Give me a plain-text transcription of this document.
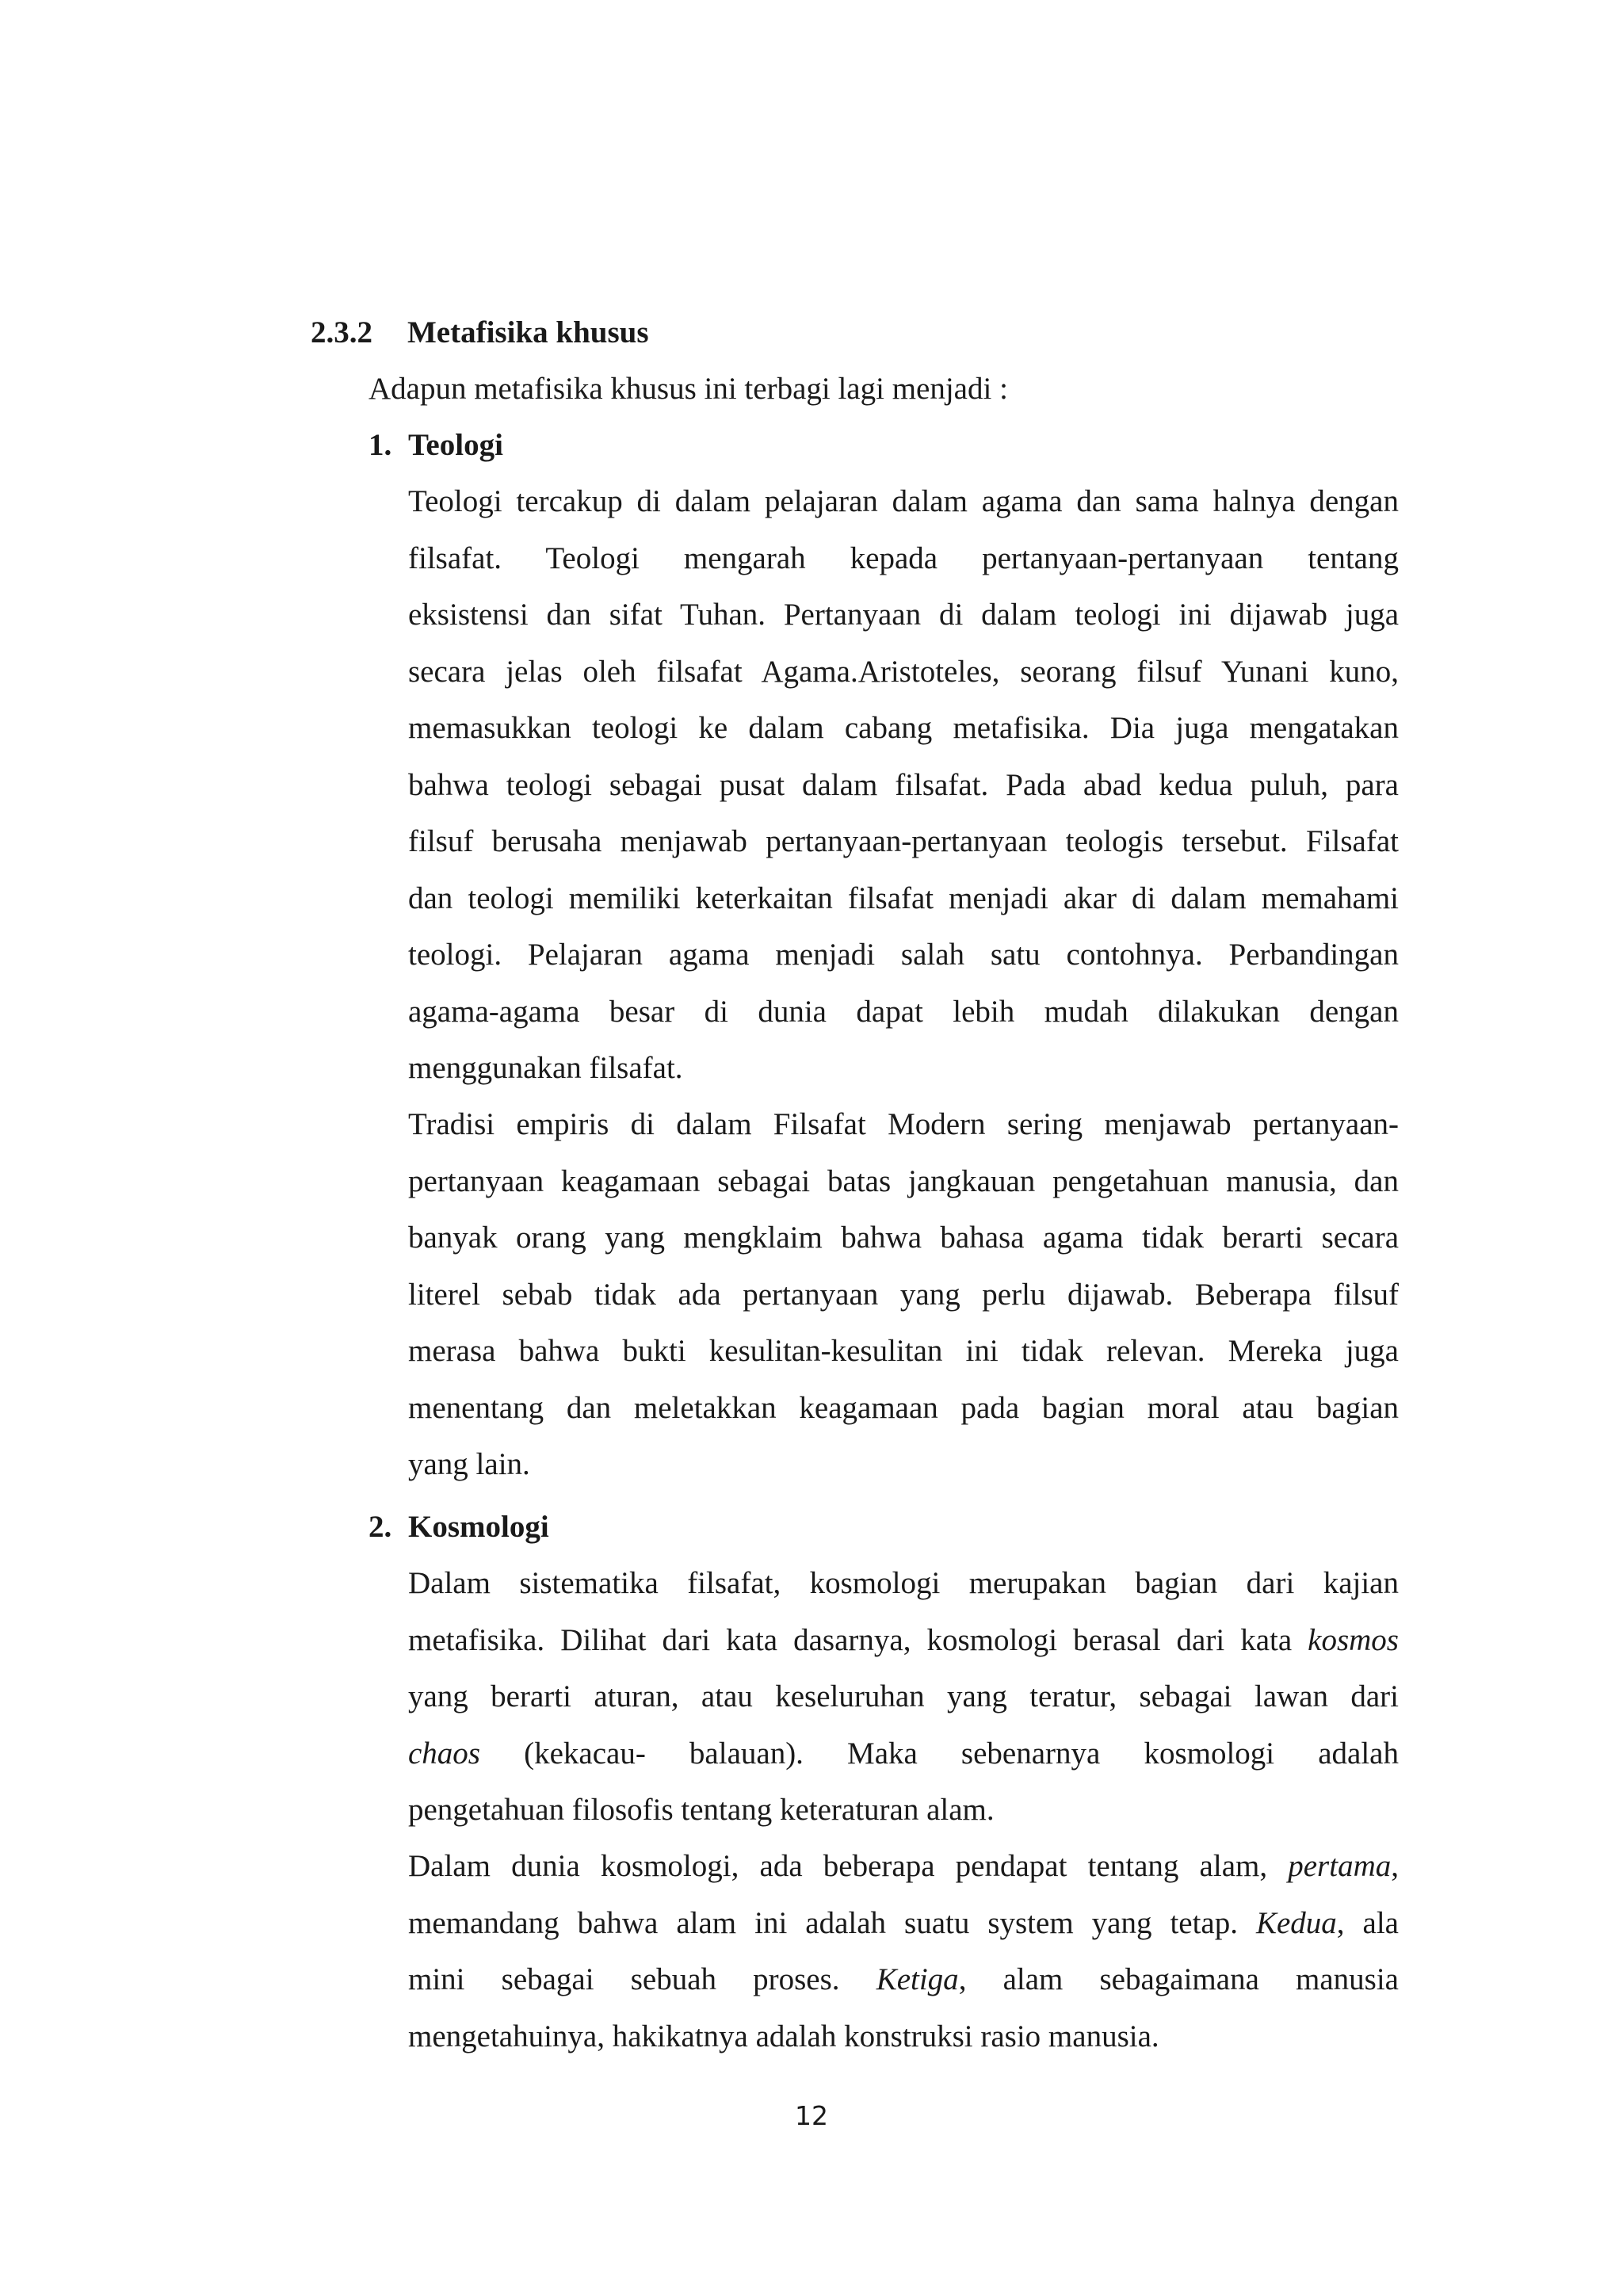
2.3.2 Metafisika khusus
Adapun metafisika khusus ini terbagi lagi menjadi :
1. Teologi
Teologi tercakup di dalam pelajaran dalam agama dan sama halnya dengan
filsafat. Teologi mengarah kepada pertanyaan-pertanyaan tentang
eksistensi dan sifat Tuhan. Pertanyaan di dalam teologi ini dijawab juga
secara jelas oleh filsafat Agama.Aristoteles, seorang filsuf Yunani kuno,
memasukkan teologi ke dalam cabang metafisika. Dia juga mengatakan
bahwa teologi sebagai pusat dalam filsafat. Pada abad kedua puluh, para
filsuf berusaha menjawab pertanyaan-pertanyaan teologis tersebut. Filsafat
dan teologi memiliki keterkaitan filsafat menjadi akar di dalam memahami
teologi. Pelajaran agama menjadi salah satu contohnya. Perbandingan
agama-agama besar di dunia dapat lebih mudah dilakukan dengan
menggunakan filsafat.
Tradisi empiris di dalam Filsafat Modern sering menjawab pertanyaan-
pertanyaan keagamaan sebagai batas jangkauan pengetahuan manusia, dan
banyak orang yang mengklaim bahwa bahasa agama tidak berarti secara
literel sebab tidak ada pertanyaan yang perlu dijawab. Beberapa filsuf
merasa bahwa bukti kesulitan-kesulitan ini tidak relevan. Mereka juga
menentang dan meletakkan keagamaan pada bagian moral atau bagian
yang lain.
2. Kosmologi
Dalam sistematika filsafat, kosmologi merupakan bagian dari kajian
metafisika. Dilihat dari kata dasarnya, kosmologi berasal dari kata kosmos
yang berarti aturan, atau keseluruhan yang teratur, sebagai lawan dari
chaos (kekacau- balauan). Maka sebenarnya kosmologi adalah
pengetahuan filosofis tentang keteraturan alam.
Dalam dunia kosmologi, ada beberapa pendapat tentang alam, pertama,
memandang bahwa alam ini adalah suatu system yang tetap. Kedua, ala
mini sebagai sebuah proses. Ketiga, alam sebagaimana manusia
mengetahuinya, hakikatnya adalah konstruksi rasio manusia.
12
